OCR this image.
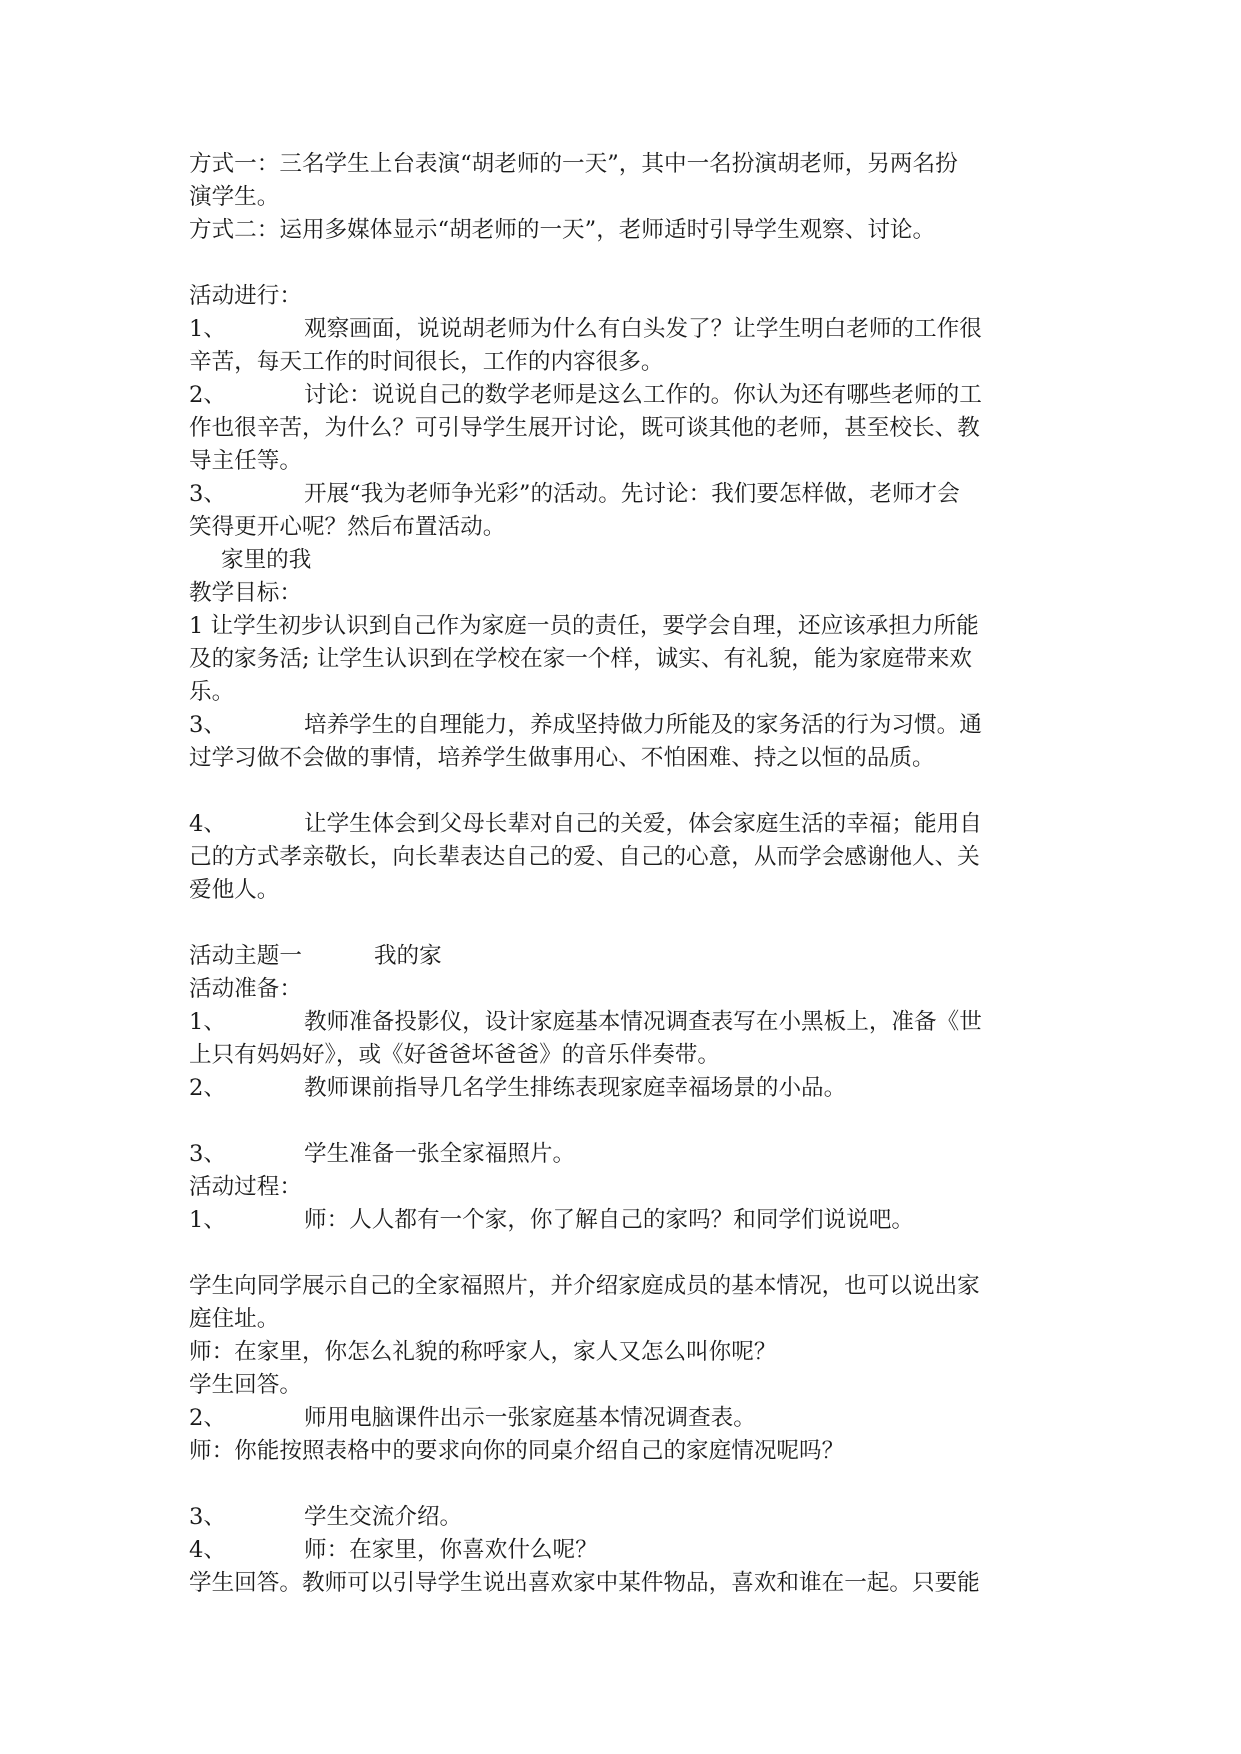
方式一：三名学生上台表演“胡老师的一天”，其中一名扮演胡老师，另两名扮
演学生。
方式二：运用多媒体显示“胡老师的一天”，老师适时引导学生观察、讨论。
活动进行：
1、	观察画面，说说胡老师为什么有白头发了？让学生明白老师的工作很
辛苦，每天工作的时间很长，工作的内容很多。
2、	讨论：说说自己的数学老师是这么工作的。你认为还有哪些老师的工
作也很辛苦，为什么？可引导学生展开讨论，既可谈其他的老师，甚至校长、教
导主任等。
3、	开展“我为老师争光彩”的活动。先讨论：我们要怎样做，老师才会
笑得更开心呢？然后布置活动。
家里的我
教学目标：
1 让学生初步认识到自己作为家庭一员的责任，要学会自理，还应该承担力所能
及的家务活; 让学生认识到在学校在家一个样，诚实、有礼貌，能为家庭带来欢
乐。
3、	培养学生的自理能力，养成坚持做力所能及的家务活的行为习惯。通
过学习做不会做的事情，培养学生做事用心、不怕困难、持之以恒的品质。
4、	让学生体会到父母长辈对自己的关爱，体会家庭生活的幸福；能用自
己的方式孝亲敬长，向长辈表达自己的爱、自己的心意，从而学会感谢他人、关
爱他人。
活动主题一	我的家
活动准备：
1、	教师准备投影仪，设计家庭基本情况调查表写在小黑板上，准备《世
上只有妈妈好》，或《好爸爸坏爸爸》的音乐伴奏带。
2、	教师课前指导几名学生排练表现家庭幸福场景的小品。
3、	学生准备一张全家福照片。
活动过程：
1、	师：人人都有一个家，你了解自己的家吗？和同学们说说吧。
学生向同学展示自己的全家福照片，并介绍家庭成员的基本情况，也可以说出家
庭住址。
师：在家里，你怎么礼貌的称呼家人，家人又怎么叫你呢？
学生回答。
2、	师用电脑课件出示一张家庭基本情况调查表。
师：你能按照表格中的要求向你的同桌介绍自己的家庭情况呢吗？
3、	学生交流介绍。
4、	师：在家里，你喜欢什么呢？
学生回答。教师可以引导学生说出喜欢家中某件物品，喜欢和谁在一起。只要能
